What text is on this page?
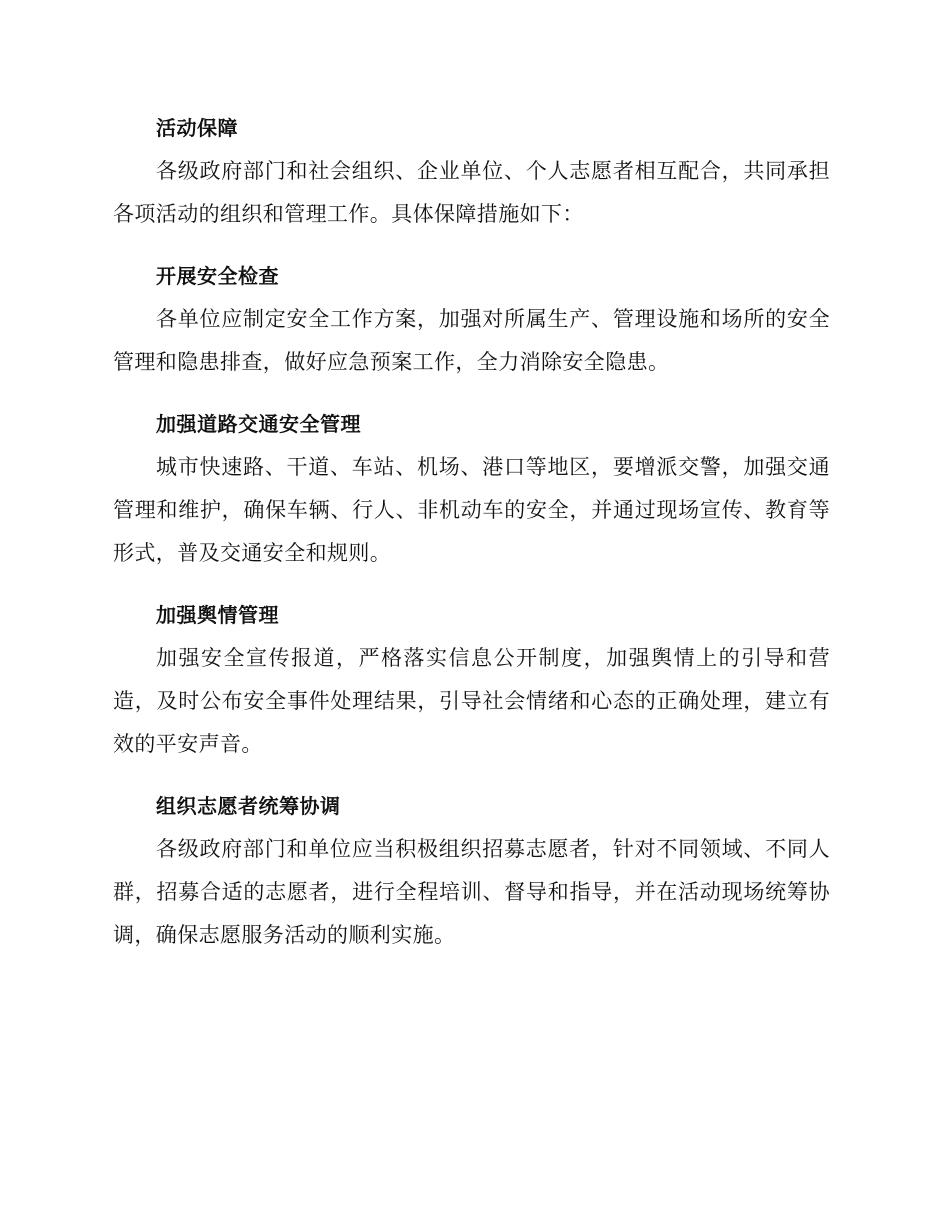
活动保障

各级政府部门和社会组织、企业单位、个人志愿者相互配合，共同承担各项活动的组织和管理工作。具体保障措施如下：

开展安全检查

各单位应制定安全工作方案，加强对所属生产、管理设施和场所的安全管理和隐患排查，做好应急预案工作，全力消除安全隐患。

加强道路交通安全管理

城市快速路、干道、车站、机场、港口等地区，要增派交警，加强交通管理和维护，确保车辆、行人、非机动车的安全，并通过现场宣传、教育等形式，普及交通安全和规则。

加强舆情管理

加强安全宣传报道，严格落实信息公开制度，加强舆情上的引导和营造，及时公布安全事件处理结果，引导社会情绪和心态的正确处理，建立有效的平安声音。

组织志愿者统筹协调

各级政府部门和单位应当积极组织招募志愿者，针对不同领域、不同人群，招募合适的志愿者，进行全程培训、督导和指导，并在活动现场统筹协调，确保志愿服务活动的顺利实施。
